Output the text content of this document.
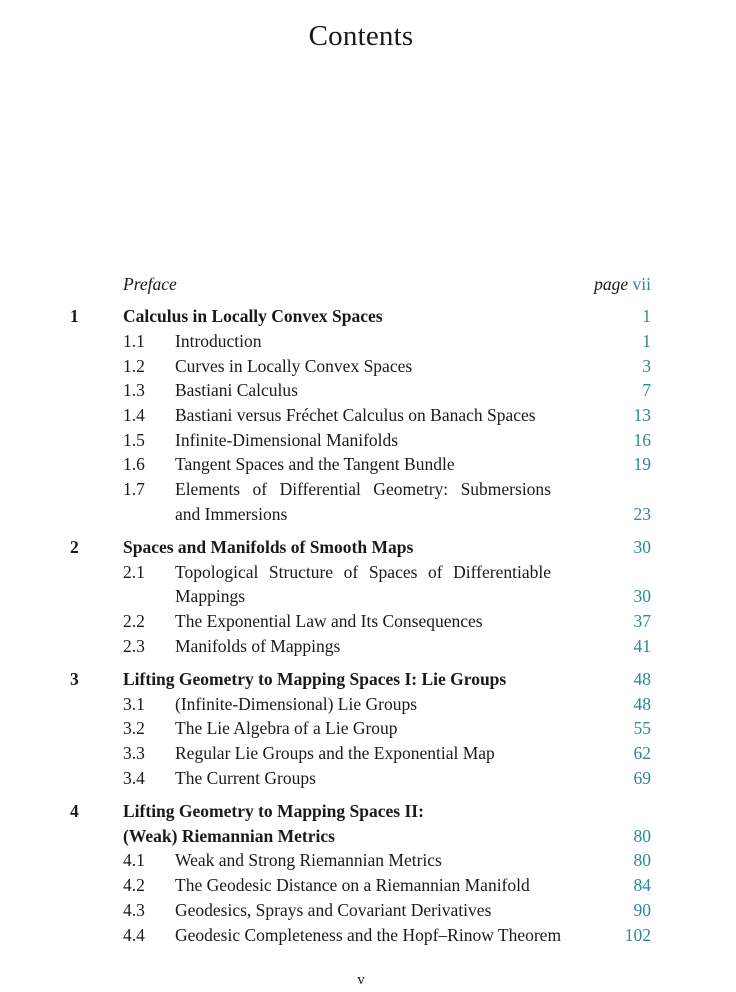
Contents
Preface	page vii
1	Calculus in Locally Convex Spaces	1
1.1 Introduction	1
1.2 Curves in Locally Convex Spaces	3
1.3 Bastiani Calculus	7
1.4 Bastiani versus Fréchet Calculus on Banach Spaces	13
1.5 Infinite-Dimensional Manifolds	16
1.6 Tangent Spaces and the Tangent Bundle	19
1.7 Elements of Differential Geometry: Submersions
and Immersions	23
2	Spaces and Manifolds of Smooth Maps	30
2.1 Topological Structure of Spaces of Differentiable
Mappings	30
2.2 The Exponential Law and Its Consequences	37
2.3 Manifolds of Mappings	41
3	Lifting Geometry to Mapping Spaces I: Lie Groups	48
3.1 (Infinite-Dimensional) Lie Groups	48
3.2 The Lie Algebra of a Lie Group	55
3.3 Regular Lie Groups and the Exponential Map	62
3.4 The Current Groups	69
4	Lifting Geometry to Mapping Spaces II:
(Weak) Riemannian Metrics	80
4.1 Weak and Strong Riemannian Metrics	80
4.2 The Geodesic Distance on a Riemannian Manifold	84
4.3 Geodesics, Sprays and Covariant Derivatives	90
4.4 Geodesic Completeness and the Hopf–Rinow Theorem	102
v
